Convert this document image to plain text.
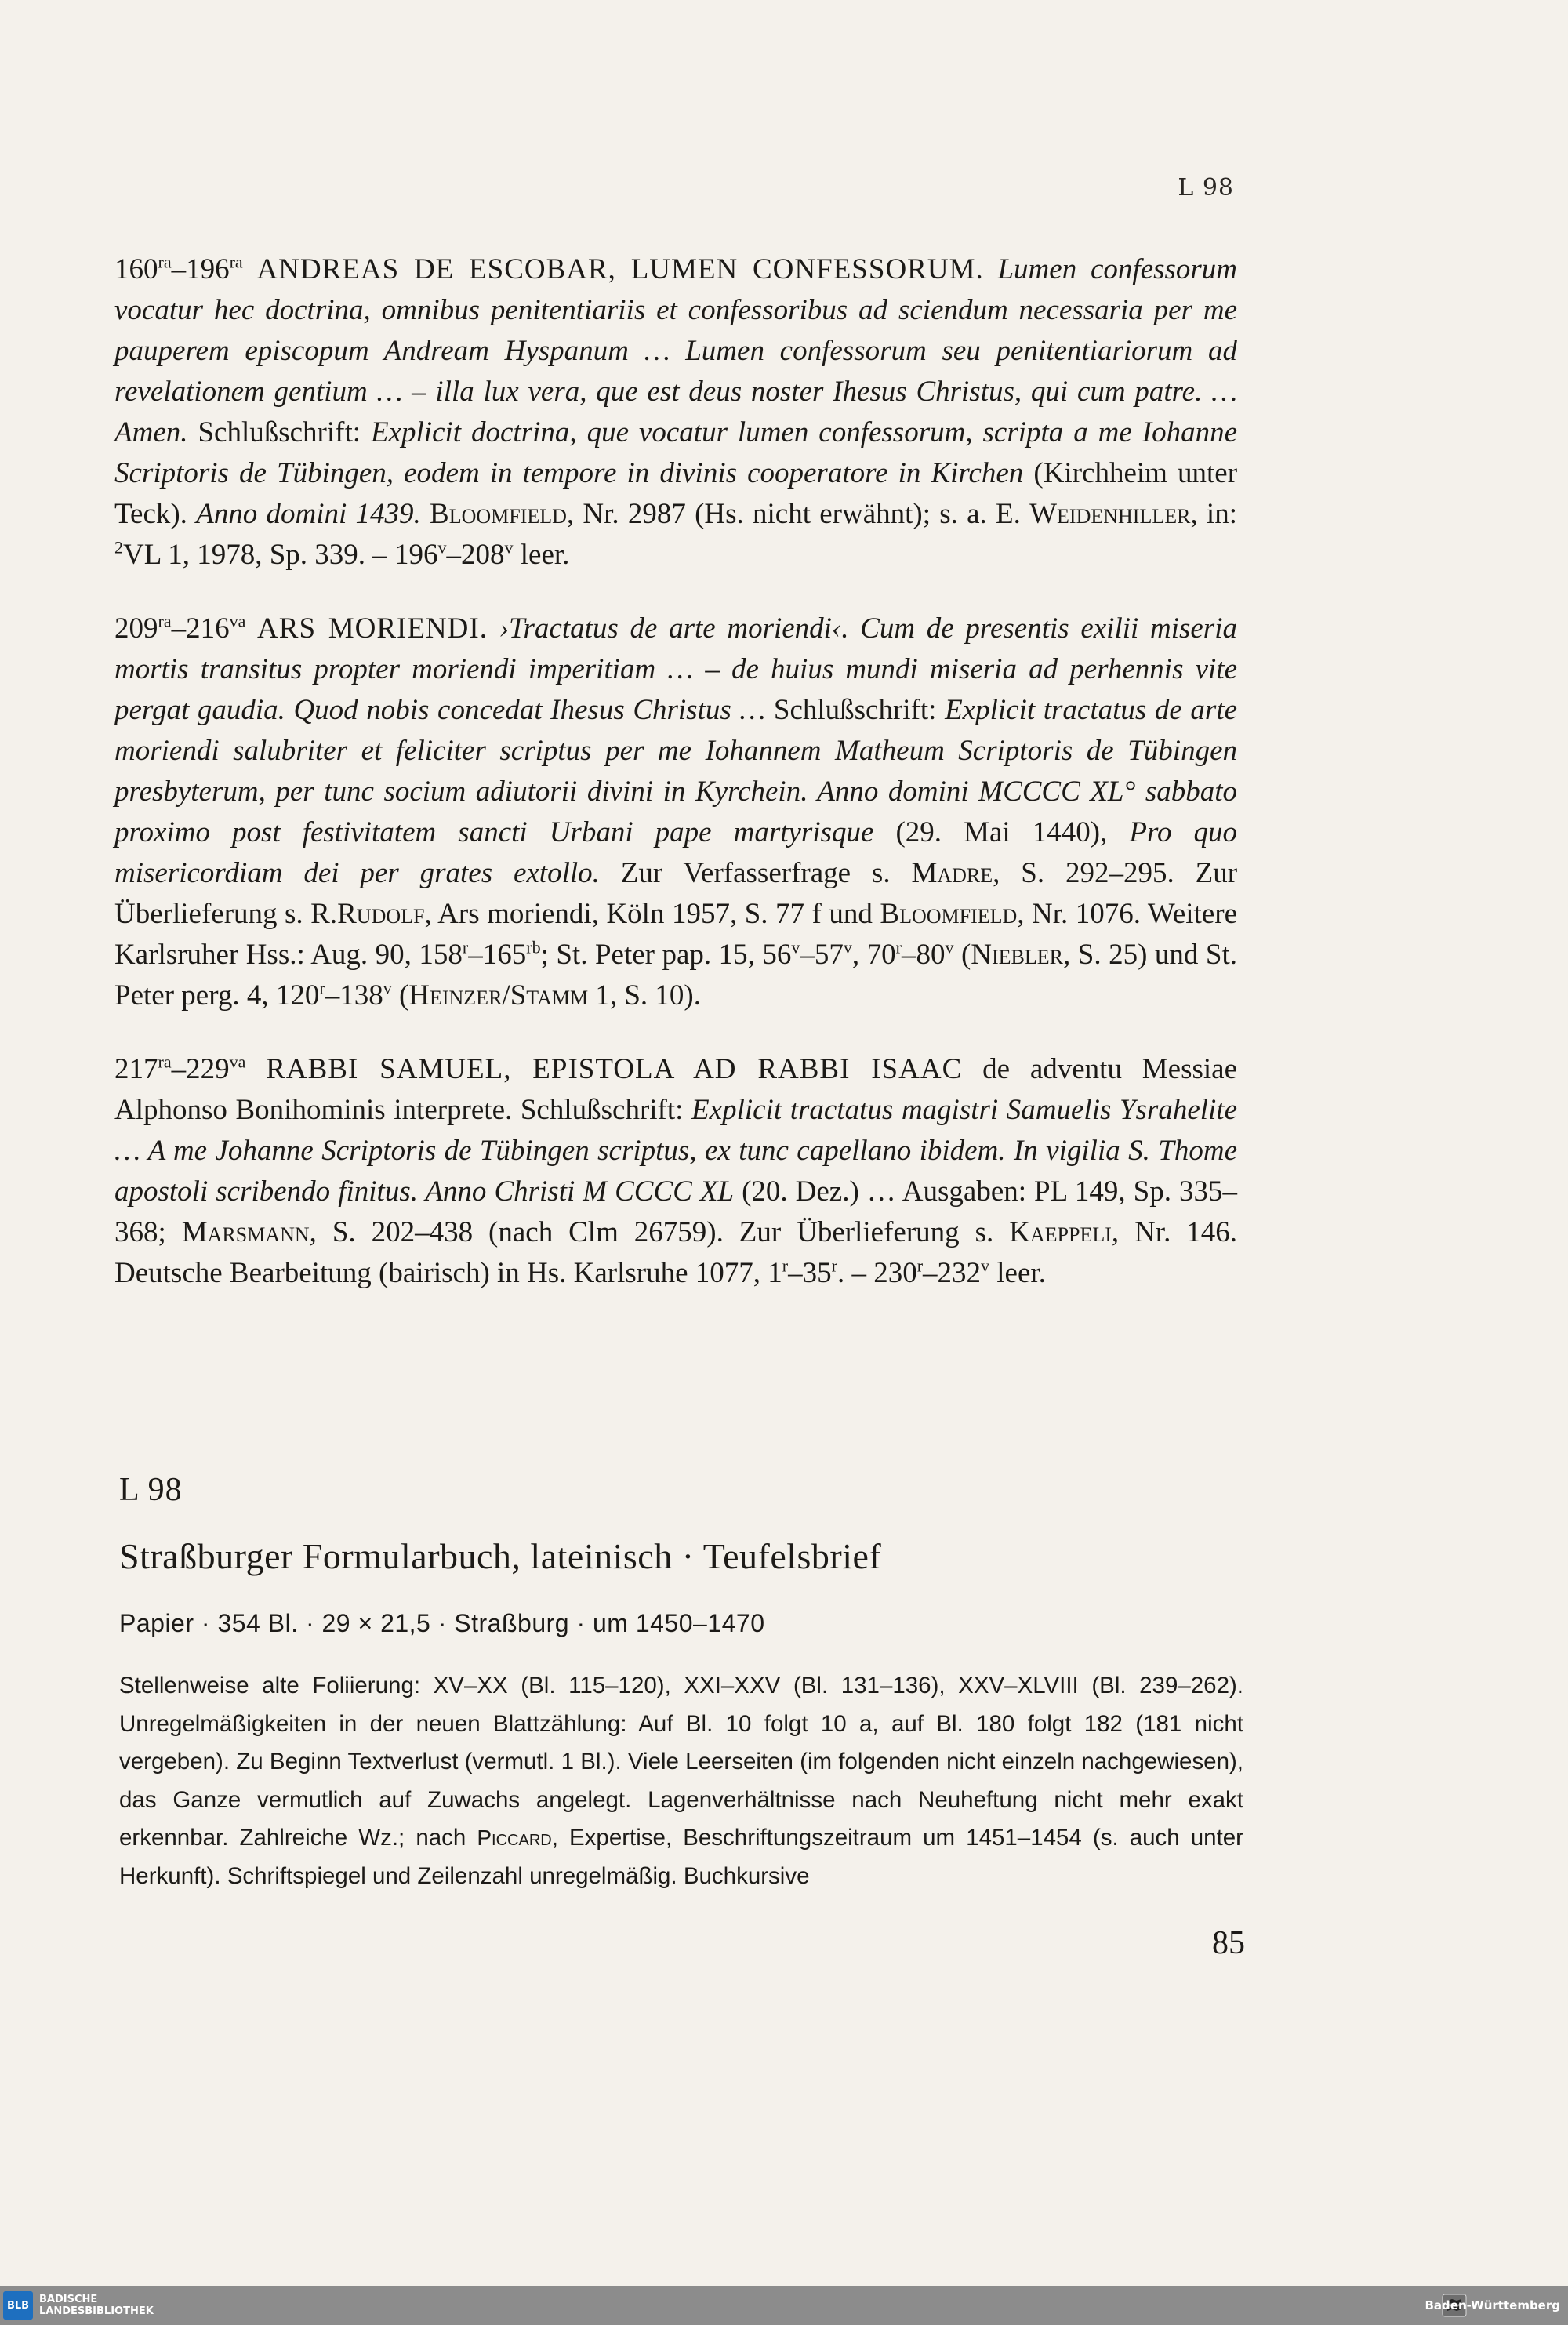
L 98

$160^{ra}-196^{ra}$ ANDREAS DE ESCOBAR, LUMEN CONFESSORUM. Lumen confessorum vocatur hec doctrina, omnibus penitentiariis et confessoribus ad sciendum necessaria per me pauperem episcopum Andream Hyspanum … Lumen confessorum seu penitentiariorum ad revelationem gentium … – illa lux vera, que est deus noster Ihesus Christus, qui cum patre. … Amen. Schlußschrift: Explicit doctrina, que vocatur lumen confessorum, scripta a me Iohanne Scriptoris de Tübingen, eodem in tempore in divinis cooperatore in Kirchen (Kirchheim unter Teck). Anno domini 1439. Bloomfield, Nr. 2987 (Hs. nicht erwähnt); s. a. E. Weidenhiller, in: $^2$VL 1, 1978, Sp. 339. – 196$^v$–208$^v$ leer.

$209^{ra}-216^{va}$ ARS MORIENDI. ›Tractatus de arte moriendi‹. Cum de presentis exilii miseria mortis transitus propter moriendi imperitiam … – de huius mundi miseria ad perhennis vite pergat gaudia. Quod nobis concedat Ihesus Christus … Schlußschrift: Explicit tractatus de arte moriendi salubriter et feliciter scriptus per me Iohannem Matheum Scriptoris de Tübingen presbyterum, per tunc socium adiutorii divini in Kyrchein. Anno domini MCCCC XL° sabbato proximo post festivitatem sancti Urbani pape martyrisque (29. Mai 1440), Pro quo misericordiam dei per grates extollo. Zur Verfasserfrage s. Madre, S. 292–295. Zur Überlieferung s. R.Rudolf, Ars moriendi, Köln 1957, S. 77 f und Bloomfield, Nr. 1076. Weitere Karlsruher Hss.: Aug. 90, $158^r-165^{rb}$; St. Peter pap. 15, 56$^v$–57$^v$, 70$^r$–80$^v$ (Niebler, S. 25) und St. Peter perg. 4, 120$^r$–138$^v$ (Heinzer/Stamm 1, S. 10).

$217^{ra}-229^{va}$ RABBI SAMUEL, EPISTOLA AD RABBI ISAAC de adventu Messiae Alphonso Bonihominis interprete. Schlußschrift: Explicit tractatus magistri Samuelis Ysrahelite … A me Johanne Scriptoris de Tübingen scriptus, ex tunc capellano ibidem. In vigilia S. Thome apostoli scribendo finitus. Anno Christi M CCCC XL (20. Dez.) … Ausgaben: PL 149, Sp. 335–368; Marsmann, S. 202–438 (nach Clm 26759). Zur Überlieferung s. Kaeppeli, Nr. 146. Deutsche Bearbeitung (bairisch) in Hs. Karlsruhe 1077, 1$^r$–35$^r$. – 230$^r$–232$^v$ leer.

L 98
Straßburger Formularbuch, lateinisch · Teufelsbrief
Papier · 354 Bl. · 29 × 21,5 · Straßburg · um 1450–1470
Stellenweise alte Foliierung: XV–XX (Bl. 115–120), XXI–XXV (Bl. 131–136), XXV–XLVIII (Bl. 239–262). Unregelmäßigkeiten in der neuen Blattzählung: Auf Bl. 10 folgt 10 a, auf Bl. 180 folgt 182 (181 nicht vergeben). Zu Beginn Textverlust (vermutl. 1 Bl.). Viele Leerseiten (im folgenden nicht einzeln nachgewiesen), das Ganze vermutlich auf Zuwachs angelegt. Lagenverhältnisse nach Neuheftung nicht mehr exakt erkennbar. Zahlreiche Wz.; nach Piccard, Expertise, Beschriftungszeitraum um 1451–1454 (s. auch unter Herkunft). Schriftspiegel und Zeilenzahl unregelmäßig. Buchkursive
85
BLB BADISCHE
LANDESBIBLIOTHEK	Baden-Württemberg
